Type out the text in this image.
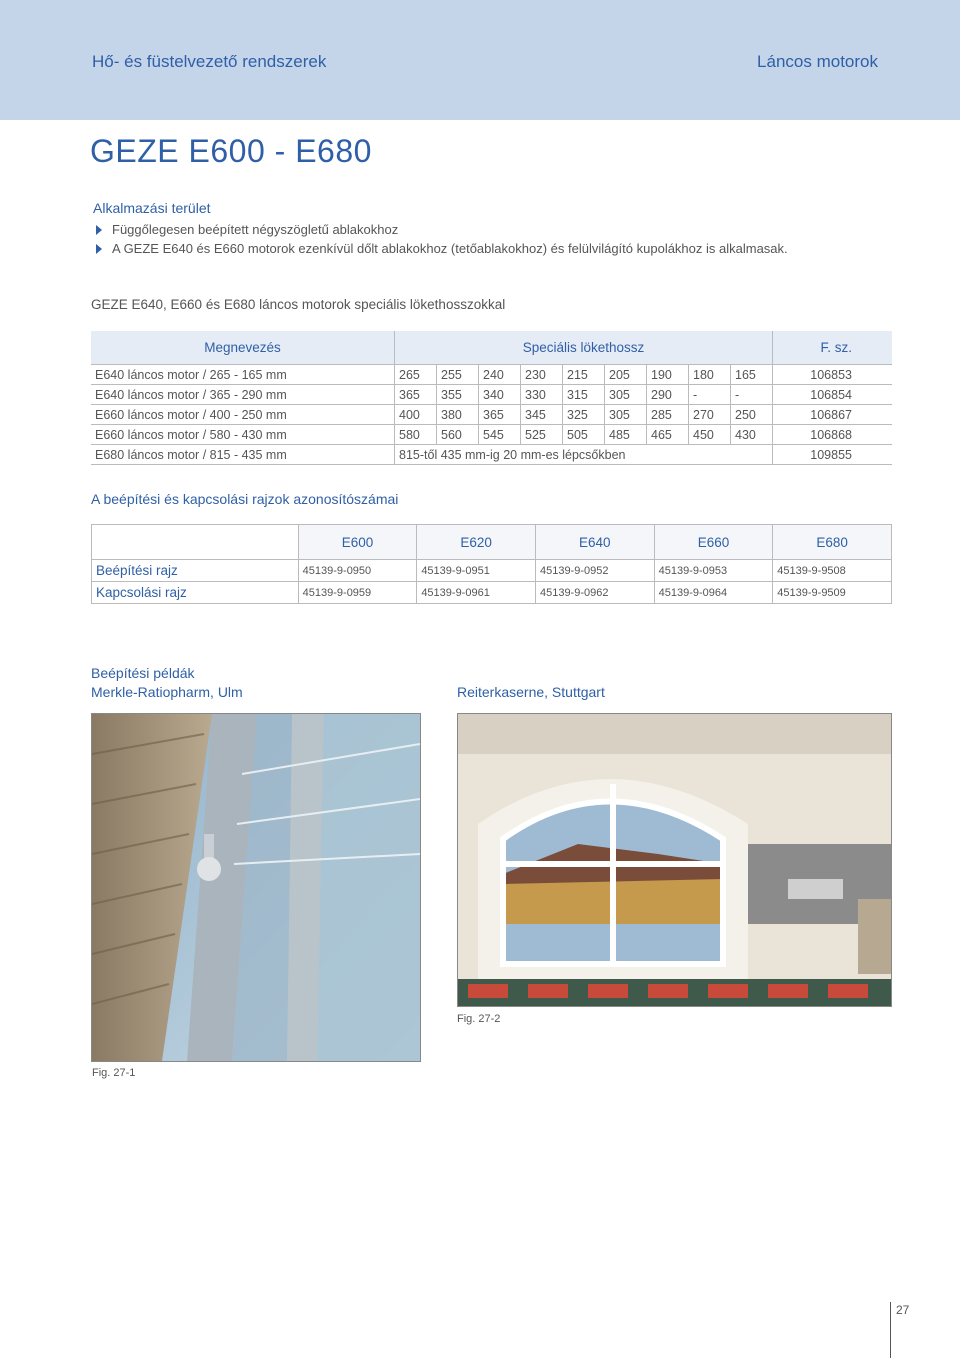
Hő- és füstelvezető rendszerek	Láncos motorok
GEZE E600 - E680
Alkalmazási terület
Függőlegesen beépített négyszögletű ablakokhoz
A GEZE E640 és E660 motorok ezenkívül dőlt ablakokhoz (tetőablakokhoz) és felülvilágító kupolákhoz is alkalmasak.
GEZE E640, E660 és E680 láncos motorok speciális lökethosszokkal
Megnevezés	Speciális lökethossz									F. sz.
E640 láncos motor / 265 - 165 mm	265	255	240	230	215	205	190	180	165	106853
E640 láncos motor / 365 - 290 mm	365	355	340	330	315	305	290	-	-	106854
E660 láncos motor / 400 - 250 mm	400	380	365	345	325	305	285	270	250	106867
E660 láncos motor / 580 - 430 mm	580	560	545	525	505	485	465	450	430	106868
E680 láncos motor / 815 - 435 mm	815-től 435 mm-ig 20 mm-es lépcsőkben									109855
A beépítési és kapcsolási rajzok azonosítószámai
	E600	E620	E640	E660	E680
Beépítési rajz	45139-9-0950	45139-9-0951	45139-9-0952	45139-9-0953	45139-9-9508
Kapcsolási rajz	45139-9-0959	45139-9-0961	45139-9-0962	45139-9-0964	45139-9-9509
Beépítési példák
Merkle-Ratiopharm, Ulm	Reiterkaserne, Stuttgart
Fig. 27-1
Fig. 27-2
27
